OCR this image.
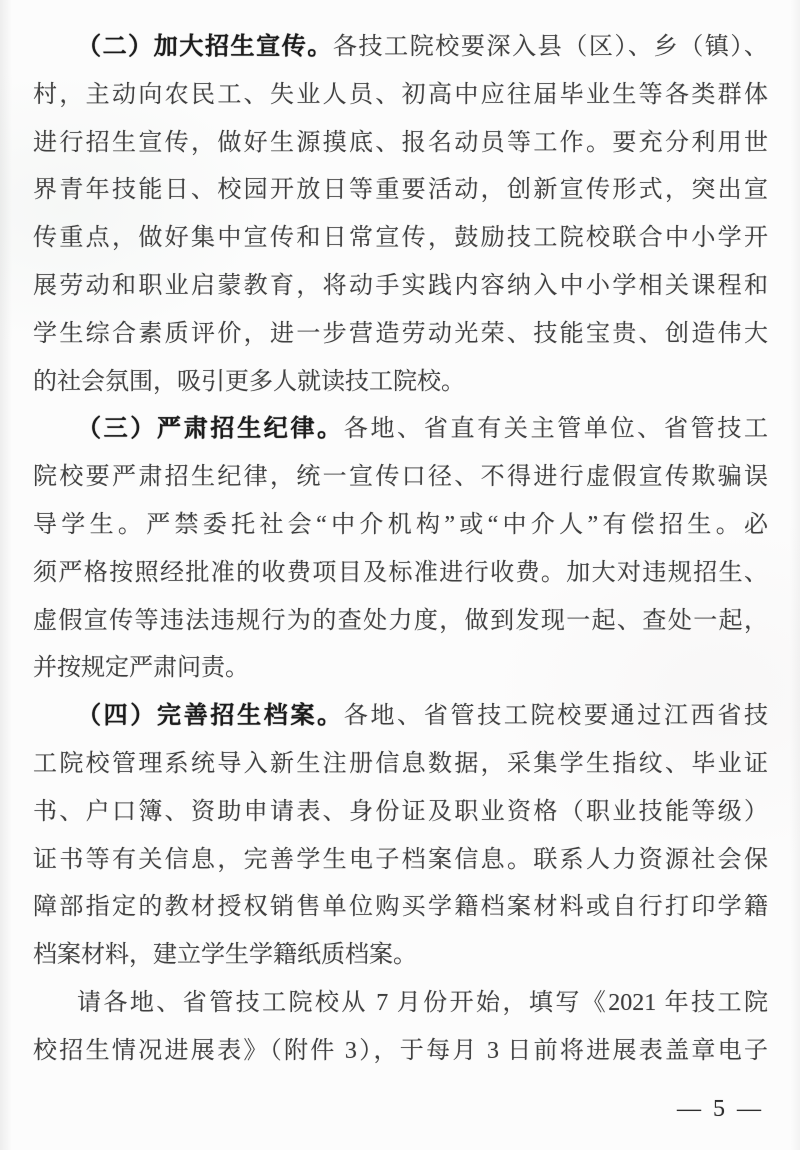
（二）加大招生宣传。各技工院校要深入县（区）、乡（镇）、
村，主动向农民工、失业人员、初高中应往届毕业生等各类群体
进行招生宣传，做好生源摸底、报名动员等工作。要充分利用世
界青年技能日、校园开放日等重要活动，创新宣传形式，突出宣
传重点，做好集中宣传和日常宣传，鼓励技工院校联合中小学开
展劳动和职业启蒙教育，将动手实践内容纳入中小学相关课程和
学生综合素质评价，进一步营造劳动光荣、技能宝贵、创造伟大
的社会氛围，吸引更多人就读技工院校。
（三）严肃招生纪律。各地、省直有关主管单位、省管技工
院校要严肃招生纪律，统一宣传口径、不得进行虚假宣传欺骗误
导学生。严禁委托社会“中介机构”或“中介人”有偿招生。必
须严格按照经批准的收费项目及标准进行收费。加大对违规招生、
虚假宣传等违法违规行为的查处力度，做到发现一起、查处一起，
并按规定严肃问责。
（四）完善招生档案。各地、省管技工院校要通过江西省技
工院校管理系统导入新生注册信息数据，采集学生指纹、毕业证
书、户口簿、资助申请表、身份证及职业资格（职业技能等级）
证书等有关信息，完善学生电子档案信息。联系人力资源社会保
障部指定的教材授权销售单位购买学籍档案材料或自行打印学籍
档案材料，建立学生学籍纸质档案。
请各地、省管技工院校从 7 月份开始，填写《2021 年技工院
校招生情况进展表》（附件 3），于每月 3 日前将进展表盖章电子
— 5 —
